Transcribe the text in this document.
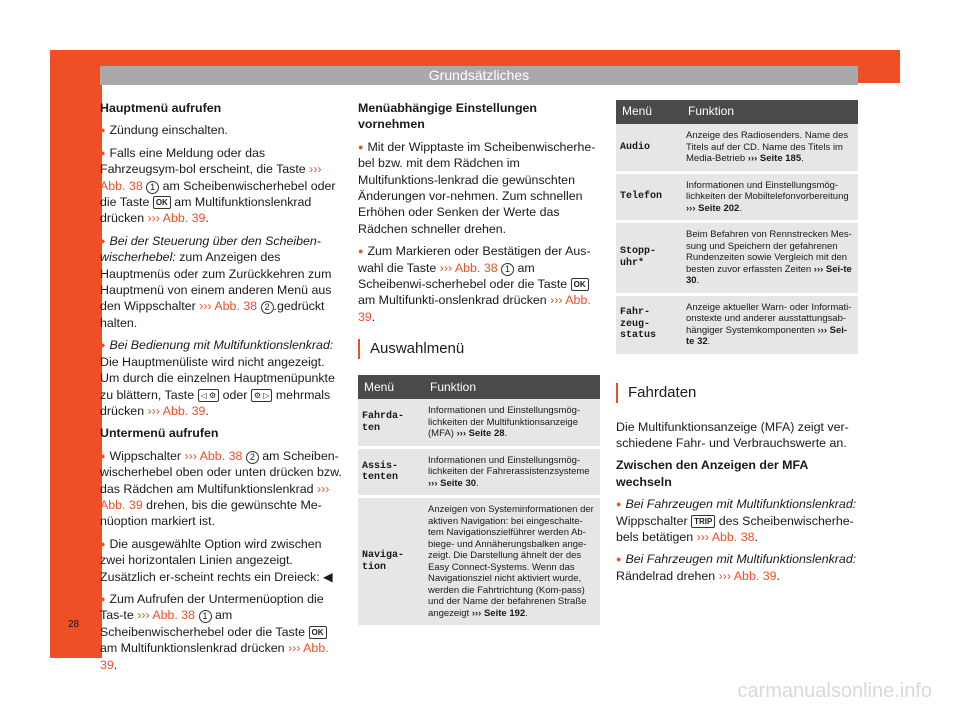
Grundsätzliches

Hauptmenü aufrufen

● Zündung einschalten.

● Falls eine Meldung oder das Fahrzeugsym-bol erscheint, die Taste ››› Abb. 38 1 am Scheibenwischerhebel oder die Taste OK am Multifunktionslenkrad drücken ››› Abb. 39.

● Bei der Steuerung über den Scheiben-wischerhebel: zum Anzeigen des Hauptmenüs oder zum Zurückkehren zum Hauptmenü von einem anderen Menü aus den Wippschalter ››› Abb. 38 2 .gedrückt halten.

● Bei Bedienung mit Multifunktionslenkrad: Die Hauptmenüliste wird nicht angezeigt. Um durch die einzelnen Hauptmenüpunkte zu blättern, Taste ◁ ⚙ oder ⚙ ▷ mehrmals drücken ››› Abb. 39.

Untermenü aufrufen

● Wippschalter ››› Abb. 38 2 am Scheiben-wischerhebel oben oder unten drücken bzw. das Rädchen am Multifunktionslenkrad ››› Abb. 39 drehen, bis die gewünschte Me-nüoption markiert ist.

● Die ausgewählte Option wird zwischen zwei horizontalen Linien angezeigt. Zusätzlich er-scheint rechts ein Dreieck: ◀

● Zum Aufrufen der Untermenüoption die Tas-te ››› Abb. 38 1 am Scheibenwischerhebel oder die Taste OK am Multifunktionslenkrad drücken ››› Abb. 39.

Menüabhängige Einstellungen vornehmen

● Mit der Wipptaste im Scheibenwischerhe-bel bzw. mit dem Rädchen im Multifunktions-lenkrad die gewünschten Änderungen vor-nehmen. Zum schnellen Erhöhen oder Senken der Werte das Rädchen schneller drehen.

● Zum Markieren oder Bestätigen der Aus-wahl die Taste ››› Abb. 38 1 am Scheibenwi-scherhebel oder die Taste OK am Multifunkti-onslenkrad drücken ››› Abb. 39.

Auswahlmenü
Menü	Funktion
Fahrda-ten	Informationen und Einstellungsmög-lichkeiten der Multifunktionsanzeige (MFA) ››› Seite 28.
Assis-tenten	Informationen und Einstellungsmög-lichkeiten der Fahrerassistenzsysteme ››› Seite 30.
Naviga-tion	Anzeigen von Systeminformationen der aktiven Navigation: bei eingeschalte-tem Navigationszielführer werden Ab-biege- und Annäherungsbalken ange-zeigt. Die Darstellung ähnelt der des Easy Connect-Systems. Wenn das Navigationsziel nicht aktiviert wurde, werden die Fahrtrichtung (Kom-pass) und der Name der befahrenen Straße angezeigt ››› Seite 192.
Menü	Funktion
Audio	Anzeige des Radiosenders. Name des Titels auf der CD. Name des Titels im Media-Betrieb ››› Seite 185.
Telefon	Informationen und Einstellungsmög-lichkeiten der Mobiltelefonvorbereitung ››› Seite 202.
Stopp-uhr*	Beim Befahren von Rennstrecken Mes-sung und Speichern der gefahrenen Rundenzeiten sowie Vergleich mit den besten zuvor erfassten Zeiten ››› Sei-te 30.
Fahr-zeug-status	Anzeige aktueller Warn- oder Informati-onstexte und anderer ausstattungsab-hängiger Systemkomponenten ››› Sei-te 32.
Fahrdaten

Die Multifunktionsanzeige (MFA) zeigt ver-schiedene Fahr- und Verbrauchswerte an.

Zwischen den Anzeigen der MFA wechseln

● Bei Fahrzeugen mit Multifunktionslenkrad: Wippschalter TRIP des Scheibenwischerhe-bels betätigen ››› Abb. 38.

● Bei Fahrzeugen mit Multifunktionslenkrad: Rändelrad drehen ››› Abb. 39.

28
carmanualsonline.info
